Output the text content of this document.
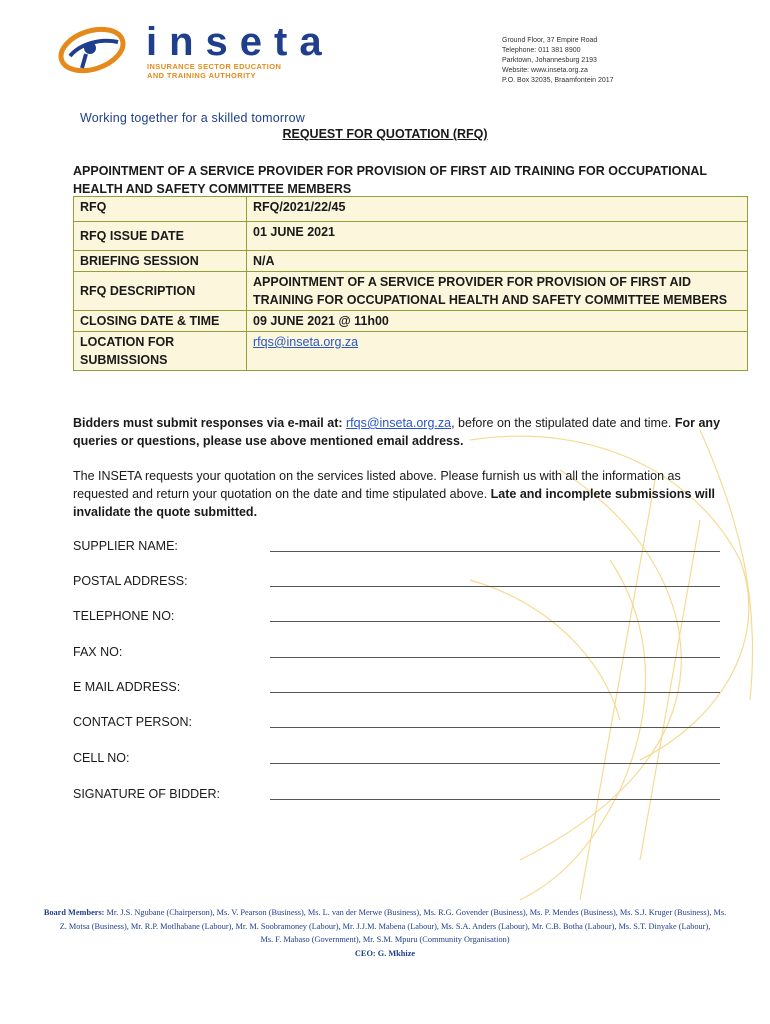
inseta
INSURANCE SECTOR EDUCATION
AND TRAINING AUTHORITY
Ground Floor, 37 Empire Road
Telephone: 011 381 8900
Parktown, Johannesburg 2193
Website: www.inseta.org.za
P.O. Box 32035, Braamfontein 2017
Working together for a skilled tomorrow
REQUEST FOR QUOTATION (RFQ)
APPOINTMENT OF A SERVICE PROVIDER FOR PROVISION OF FIRST AID TRAINING FOR OCCUPATIONAL HEALTH AND SAFETY COMMITTEE MEMBERS
RFQ	RFQ/2021/22/45
RFQ ISSUE DATE	01 JUNE 2021
BRIEFING SESSION	N/A
RFQ DESCRIPTION	APPOINTMENT OF A SERVICE PROVIDER FOR PROVISION OF FIRST AID TRAINING FOR OCCUPATIONAL HEALTH AND SAFETY COMMITTEE MEMBERS
CLOSING DATE & TIME	09 JUNE 2021 @ 11h00
LOCATION FOR SUBMISSIONS	rfqs@inseta.org.za
Bidders must submit responses via e-mail at: rfqs@inseta.org.za, before on the stipulated date and time. For any queries or questions, please use above mentioned email address.
The INSETA requests your quotation on the services listed above. Please furnish us with all the information as requested and return your quotation on the date and time stipulated above. Late and incomplete submissions will invalidate the quote submitted.
SUPPLIER NAME:
POSTAL ADDRESS:
TELEPHONE NO:
FAX NO:
E MAIL ADDRESS:
CONTACT PERSON:
CELL NO:
SIGNATURE OF BIDDER:
Board Members: Mr. J.S. Ngubane (Chairperson), Ms. V. Pearson (Business), Ms. L. van der Merwe (Business), Ms. R.G. Govender (Business), Ms. P. Mendes (Business), Ms. S.J. Kruger (Business), Ms. Z. Motsa (Business), Mr. R.P. Motlhabane (Labour), Mr. M. Soobramoney (Labour), Mr. J.J.M. Mabena (Labour), Ms. S.A. Anders (Labour), Mr. C.B. Botha (Labour), Ms. S.T. Dinyake (Labour),
Ms. F. Mabaso (Government), Mr. S.M. Mpuru (Community Organisation)
CEO: G. Mkhize
